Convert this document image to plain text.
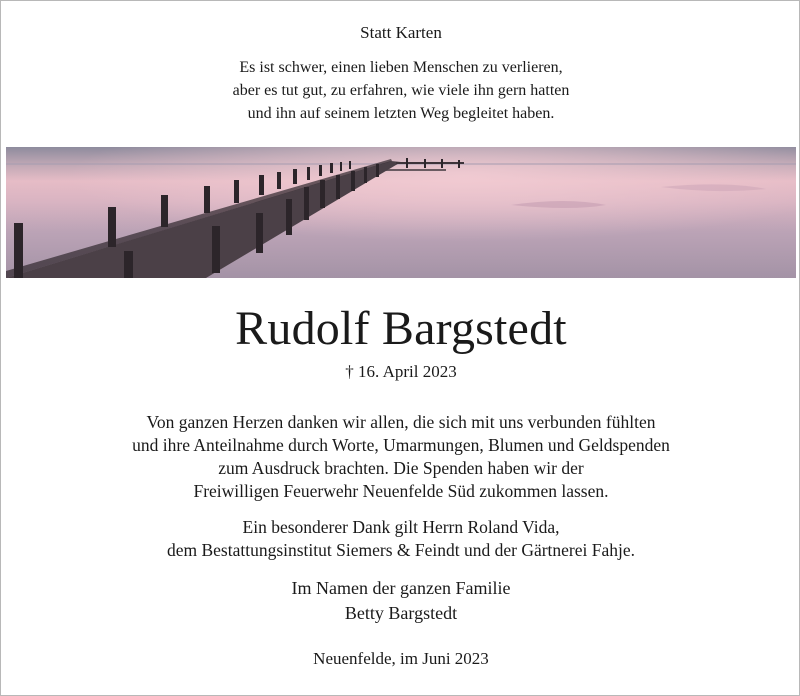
Statt Karten
Es ist schwer, einen lieben Menschen zu verlieren,
aber es tut gut, zu erfahren, wie viele ihn gern hatten
und ihn auf seinem letzten Weg begleitet haben.
Rudolf Bargstedt
† 16. April 2023
Von ganzen Herzen danken wir allen, die sich mit uns verbunden fühlten
und ihre Anteilnahme durch Worte, Umarmungen, Blumen und Geldspenden
zum Ausdruck brachten. Die Spenden haben wir der
Freiwilligen Feuerwehr Neuenfelde Süd zukommen lassen.
Ein besonderer Dank gilt Herrn Roland Vida,
dem Bestattungsinstitut Siemers & Feindt und der Gärtnerei Fahje.
Im Namen der ganzen Familie
Betty Bargstedt
Neuenfelde, im Juni 2023
